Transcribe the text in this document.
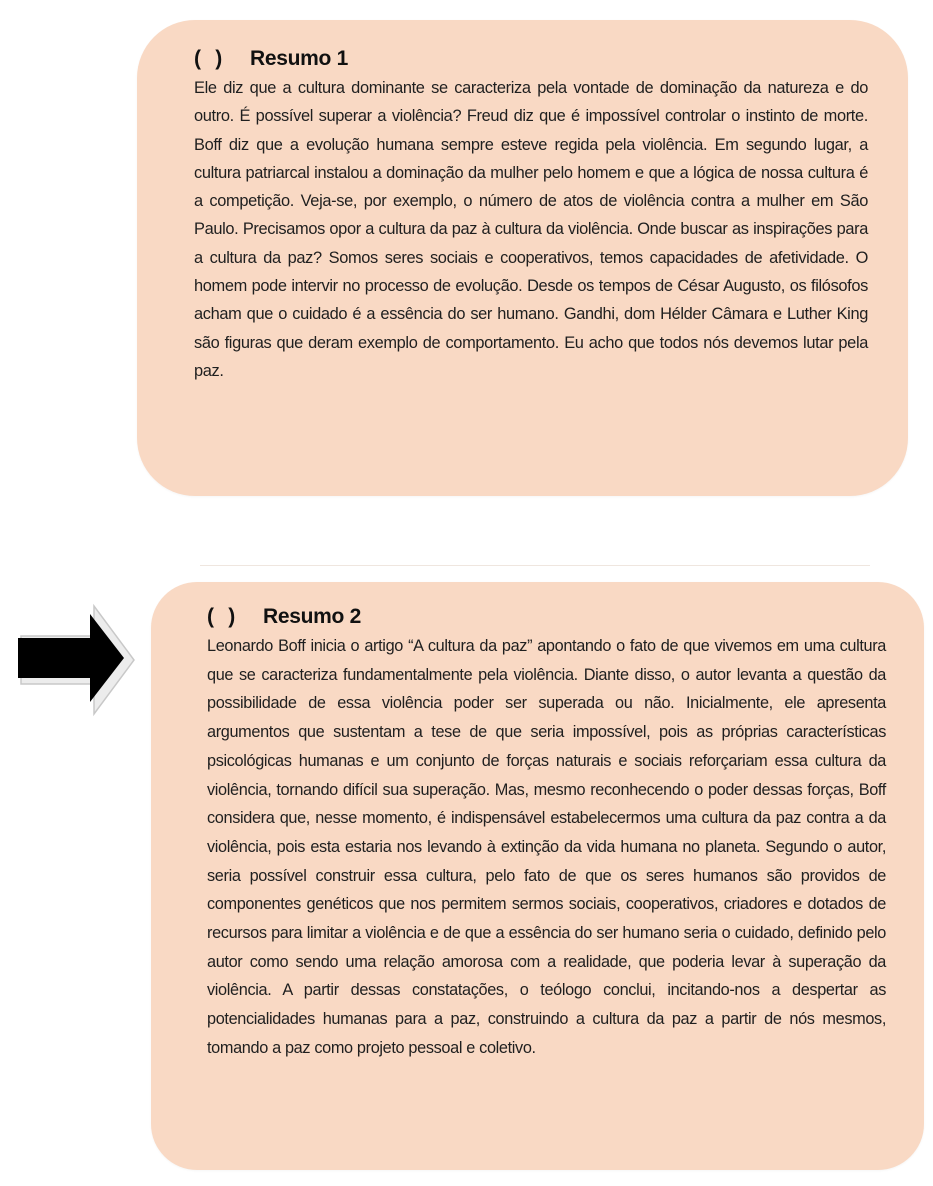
( )	Resumo 1
Ele diz que a cultura dominante se caracteriza pela vontade de dominação da natureza e do outro. É possível superar a violência? Freud diz que é impossível controlar o instinto de morte. Boff diz que a evolução humana sempre esteve regida pela violência. Em segundo lugar, a cultura patriarcal instalou a dominação da mulher pelo homem e que a lógica de nossa cultura é a competição. Veja-se, por exemplo, o número de atos de violência contra a mulher em São Paulo. Precisamos opor a cultura da paz à cultura da violência. Onde buscar as inspirações para a cultura da paz? Somos seres sociais e cooperativos, temos capacidades de afetividade. O homem pode intervir no processo de evolução. Desde os tempos de César Augusto, os filósofos acham que o cuidado é a essência do ser humano. Gandhi, dom Hélder Câmara e Luther King são figuras que deram exemplo de comportamento. Eu acho que todos nós devemos lutar pela paz.
( )	Resumo 2
Leonardo Boff inicia o artigo “A cultura da paz” apontando o fato de que vivemos em uma cultura que se caracteriza fundamentalmente pela violência. Diante disso, o autor levanta a questão da possibilidade de essa violência poder ser superada ou não. Inicialmente, ele apresenta argumentos que sustentam a tese de que seria impossível, pois as próprias características psicológicas humanas e um conjunto de forças naturais e sociais reforçariam essa cultura da violência, tornando difícil sua superação. Mas, mesmo reconhecendo o poder dessas forças, Boff considera que, nesse momento, é indispensável estabelecermos uma cultura da paz contra a da violência, pois esta estaria nos levando à extinção da vida humana no planeta. Segundo o autor, seria possível construir essa cultura, pelo fato de que os seres humanos são providos de componentes genéticos que nos permitem sermos sociais, cooperativos, criadores e dotados de recursos para limitar a violência e de que a essência do ser humano seria o cuidado, definido pelo autor como sendo uma relação amorosa com a realidade, que poderia levar à superação da violência. A partir dessas constatações, o teólogo conclui, incitando-nos a despertar as potencialidades humanas para a paz, construindo a cultura da paz a partir de nós mesmos, tomando a paz como projeto pessoal e coletivo.
